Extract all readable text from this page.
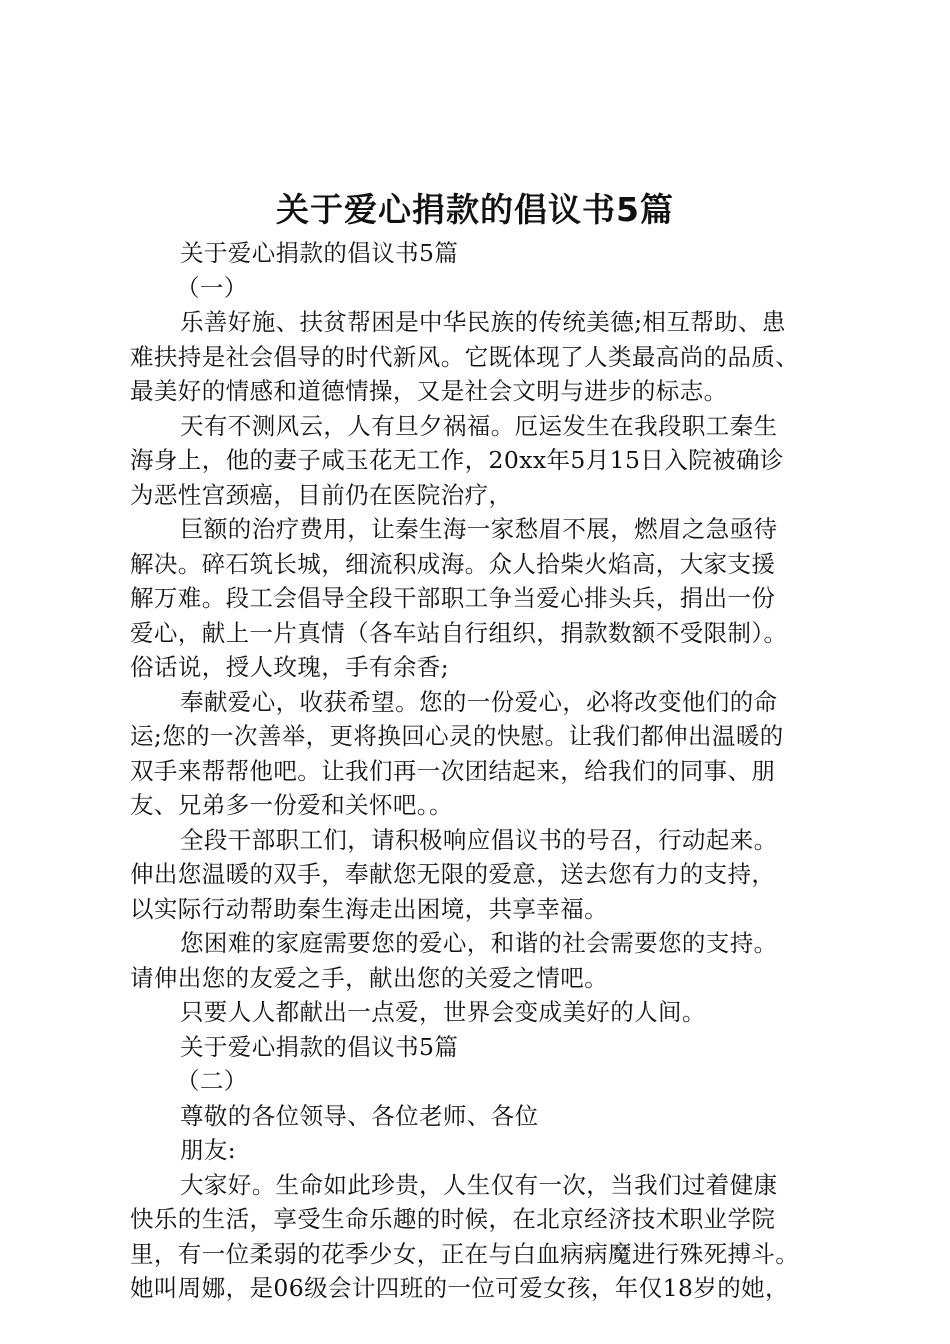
关于爱心捐款的倡议书5篇
关于爱心捐款的倡议书5篇
（一）
乐善好施、扶贫帮困是中华民族的传统美德;相互帮助、患
难扶持是社会倡导的时代新风。它既体现了人类最高尚的品质、
最美好的情感和道德情操，又是社会文明与进步的标志。
天有不测风云，人有旦夕祸福。厄运发生在我段职工秦生
海身上，他的妻子咸玉花无工作，20xx年5月15日入院被确诊
为恶性宫颈癌，目前仍在医院治疗，
巨额的治疗费用，让秦生海一家愁眉不展，燃眉之急亟待
解决。碎石筑长城，细流积成海。众人拾柴火焰高，大家支援
解万难。段工会倡导全段干部职工争当爱心排头兵，捐出一份
爱心，献上一片真情（各车站自行组织，捐款数额不受限制）。
俗话说，授人玫瑰，手有余香;
奉献爱心，收获希望。您的一份爱心，必将改变他们的命
运;您的一次善举，更将换回心灵的快慰。让我们都伸出温暖的
双手来帮帮他吧。让我们再一次团结起来，给我们的同事、朋
友、兄弟多一份爱和关怀吧。。
全段干部职工们，请积极响应倡议书的号召，行动起来。
伸出您温暖的双手，奉献您无限的爱意，送去您有力的支持，
以实际行动帮助秦生海走出困境，共享幸福。
您困难的家庭需要您的爱心，和谐的社会需要您的支持。
请伸出您的友爱之手，献出您的关爱之情吧。
只要人人都献出一点爱，世界会变成美好的人间。
关于爱心捐款的倡议书5篇
（二）
尊敬的各位领导、各位老师、各位
朋友:
大家好。生命如此珍贵，人生仅有一次，当我们过着健康
快乐的生活，享受生命乐趣的时候，在北京经济技术职业学院
里，有一位柔弱的花季少女，正在与白血病病魔进行殊死搏斗。
她叫周娜，是06级会计四班的一位可爱女孩，年仅18岁的她，
